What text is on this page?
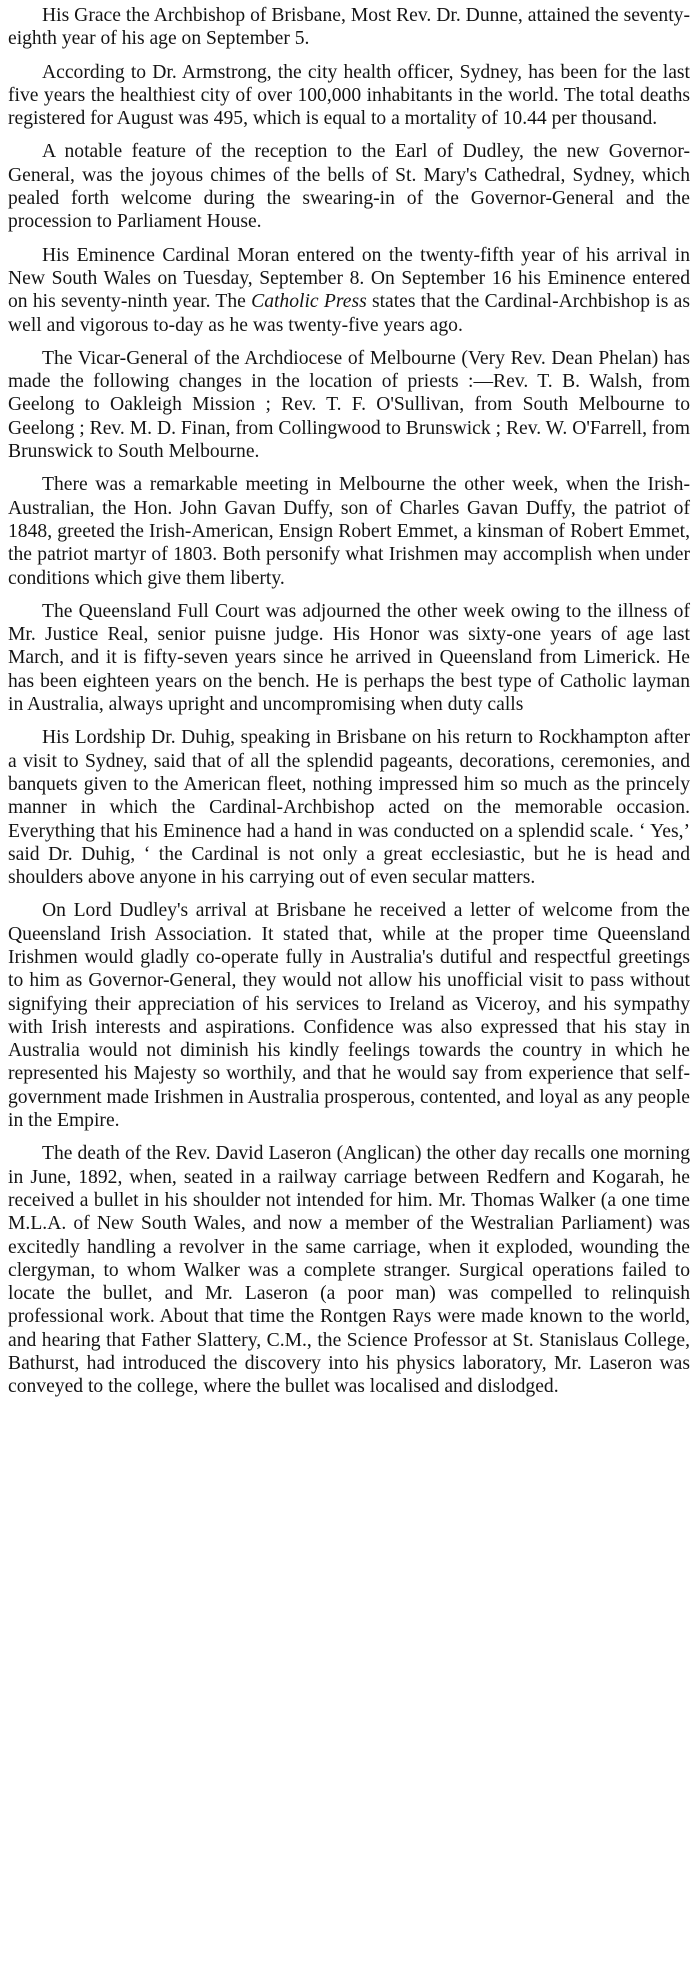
His Grace the Archbishop of Brisbane, Most Rev. Dr. Dunne, attained the seventy-eighth year of his age on September 5.

According to Dr. Armstrong, the city health officer, Sydney, has been for the last five years the healthiest city of over 100,000 inhabitants in the world. The total deaths registered for August was 495, which is equal to a mortality of 10.44 per thousand.

A notable feature of the reception to the Earl of Dudley, the new Governor-General, was the joyous chimes of the bells of St. Mary's Cathedral, Sydney, which pealed forth welcome during the swearing-in of the Governor-General and the procession to Parliament House.

His Eminence Cardinal Moran entered on the twenty-fifth year of his arrival in New South Wales on Tuesday, September 8. On September 16 his Eminence entered on his seventy-ninth year. The Catholic Press states that the Cardinal-Archbishop is as well and vigorous to-day as he was twenty-five years ago.

The Vicar-General of the Archdiocese of Melbourne (Very Rev. Dean Phelan) has made the following changes in the location of priests :—Rev. T. B. Walsh, from Geelong to Oakleigh Mission ; Rev. T. F. O'Sullivan, from South Melbourne to Geelong ; Rev. M. D. Finan, from Collingwood to Brunswick ; Rev. W. O'Farrell, from Brunswick to South Melbourne.

There was a remarkable meeting in Melbourne the other week, when the Irish-Australian, the Hon. John Gavan Duffy, son of Charles Gavan Duffy, the patriot of 1848, greeted the Irish-American, Ensign Robert Emmet, a kinsman of Robert Emmet, the patriot martyr of 1803. Both personify what Irishmen may accomplish when under conditions which give them liberty.

The Queensland Full Court was adjourned the other week owing to the illness of Mr. Justice Real, senior puisne judge. His Honor was sixty-one years of age last March, and it is fifty-seven years since he arrived in Queensland from Limerick. He has been eighteen years on the bench. He is perhaps the best type of Catholic layman in Australia, always upright and uncompromising when duty calls

His Lordship Dr. Duhig, speaking in Brisbane on his return to Rockhampton after a visit to Sydney, said that of all the splendid pageants, decorations, ceremonies, and banquets given to the American fleet, nothing impressed him so much as the princely manner in which the Cardinal-Archbishop acted on the memorable occasion. Everything that his Eminence had a hand in was conducted on a splendid scale. ‘ Yes,’ said Dr. Duhig, ‘ the Cardinal is not only a great ecclesiastic, but he is head and shoulders above anyone in his carrying out of even secular matters.

On Lord Dudley's arrival at Brisbane he received a letter of welcome from the Queensland Irish Association. It stated that, while at the proper time Queensland Irishmen would gladly co-operate fully in Australia's dutiful and respectful greetings to him as Governor-General, they would not allow his unofficial visit to pass without signifying their appreciation of his services to Ireland as Viceroy, and his sympathy with Irish interests and aspirations. Confidence was also expressed that his stay in Australia would not diminish his kindly feelings towards the country in which he represented his Majesty so worthily, and that he would say from experience that self-government made Irishmen in Australia prosperous, contented, and loyal as any people in the Empire.

The death of the Rev. David Laseron (Anglican) the other day recalls one morning in June, 1892, when, seated in a railway carriage between Redfern and Kogarah, he received a bullet in his shoulder not intended for him. Mr. Thomas Walker (a one time M.L.A. of New South Wales, and now a member of the Westralian Parliament) was excitedly handling a revolver in the same carriage, when it exploded, wounding the clergyman, to whom Walker was a complete stranger. Surgical operations failed to locate the bullet, and Mr. Laseron (a poor man) was compelled to relinquish professional work. About that time the Rontgen Rays were made known to the world, and hearing that Father Slattery, C.M., the Science Professor at St. Stanislaus College, Bathurst, had introduced the discovery into his physics laboratory, Mr. Laseron was conveyed to the college, where the bullet was localised and dislodged.
